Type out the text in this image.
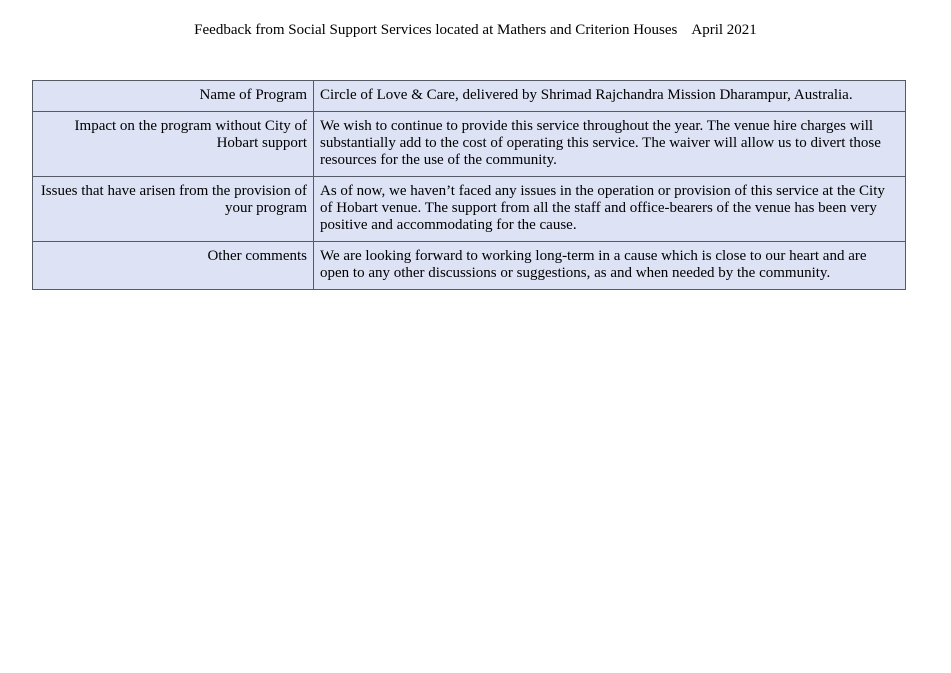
Feedback from Social Support Services located at Mathers and Criterion Houses April 2021
Name of Program	Circle of Love & Care, delivered by Shrimad Rajchandra Mission Dharampur, Australia.
Impact on the program without City of Hobart support	We wish to continue to provide this service throughout the year. The venue hire charges will substantially add to the cost of operating this service. The waiver will allow us to divert those resources for the use of the community.
Issues that have arisen from the provision of your program	As of now, we haven’t faced any issues in the operation or provision of this service at the City of Hobart venue. The support from all the staff and office-bearers of the venue has been very positive and accommodating for the cause.
Other comments	We are looking forward to working long-term in a cause which is close to our heart and are open to any other discussions or suggestions, as and when needed by the community.
